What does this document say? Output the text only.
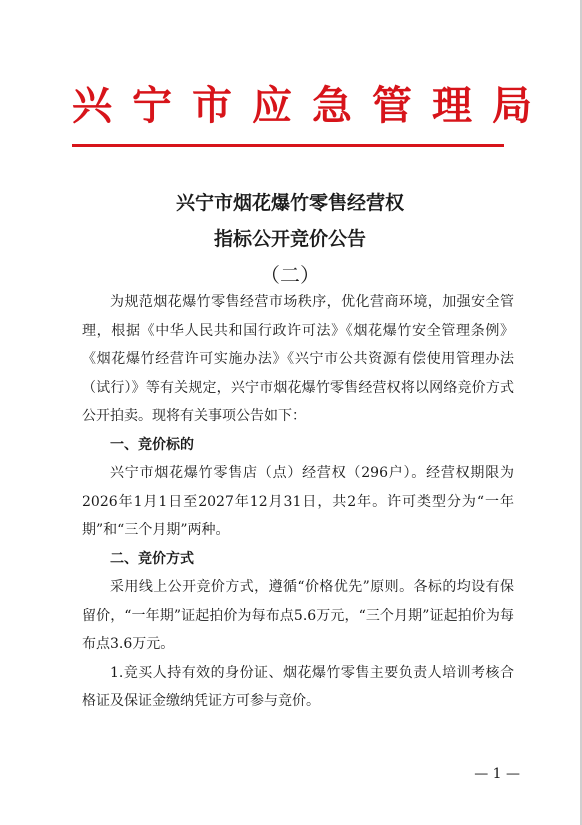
兴宁市应急管理局
兴宁市烟花爆竹零售经营权
指标公开竞价公告
（二）

为规范烟花爆竹零售经营市场秩序，优化营商环境，加强安全管理，根据《中华人民共和国行政许可法》《烟花爆竹安全管理条例》《烟花爆竹经营许可实施办法》《兴宁市公共资源有偿使用管理办法（试行）》等有关规定，兴宁市烟花爆竹零售经营权将以网络竞价方式公开拍卖。现将有关事项公告如下：

一、竞价标的

兴宁市烟花爆竹零售店（点）经营权（296户）。经营权期限为2026年1月1日至2027年12月31日，共2年。许可类型分为“一年期”和“三个月期”两种。

二、竞价方式

采用线上公开竞价方式，遵循“价格优先”原则。各标的均设有保留价，“一年期”证起拍价为每布点5.6万元，“三个月期”证起拍价为每布点3.6万元。

1.竞买人持有效的身份证、烟花爆竹零售主要负责人培训考核合格证及保证金缴纳凭证方可参与竞价。

— 1 —
